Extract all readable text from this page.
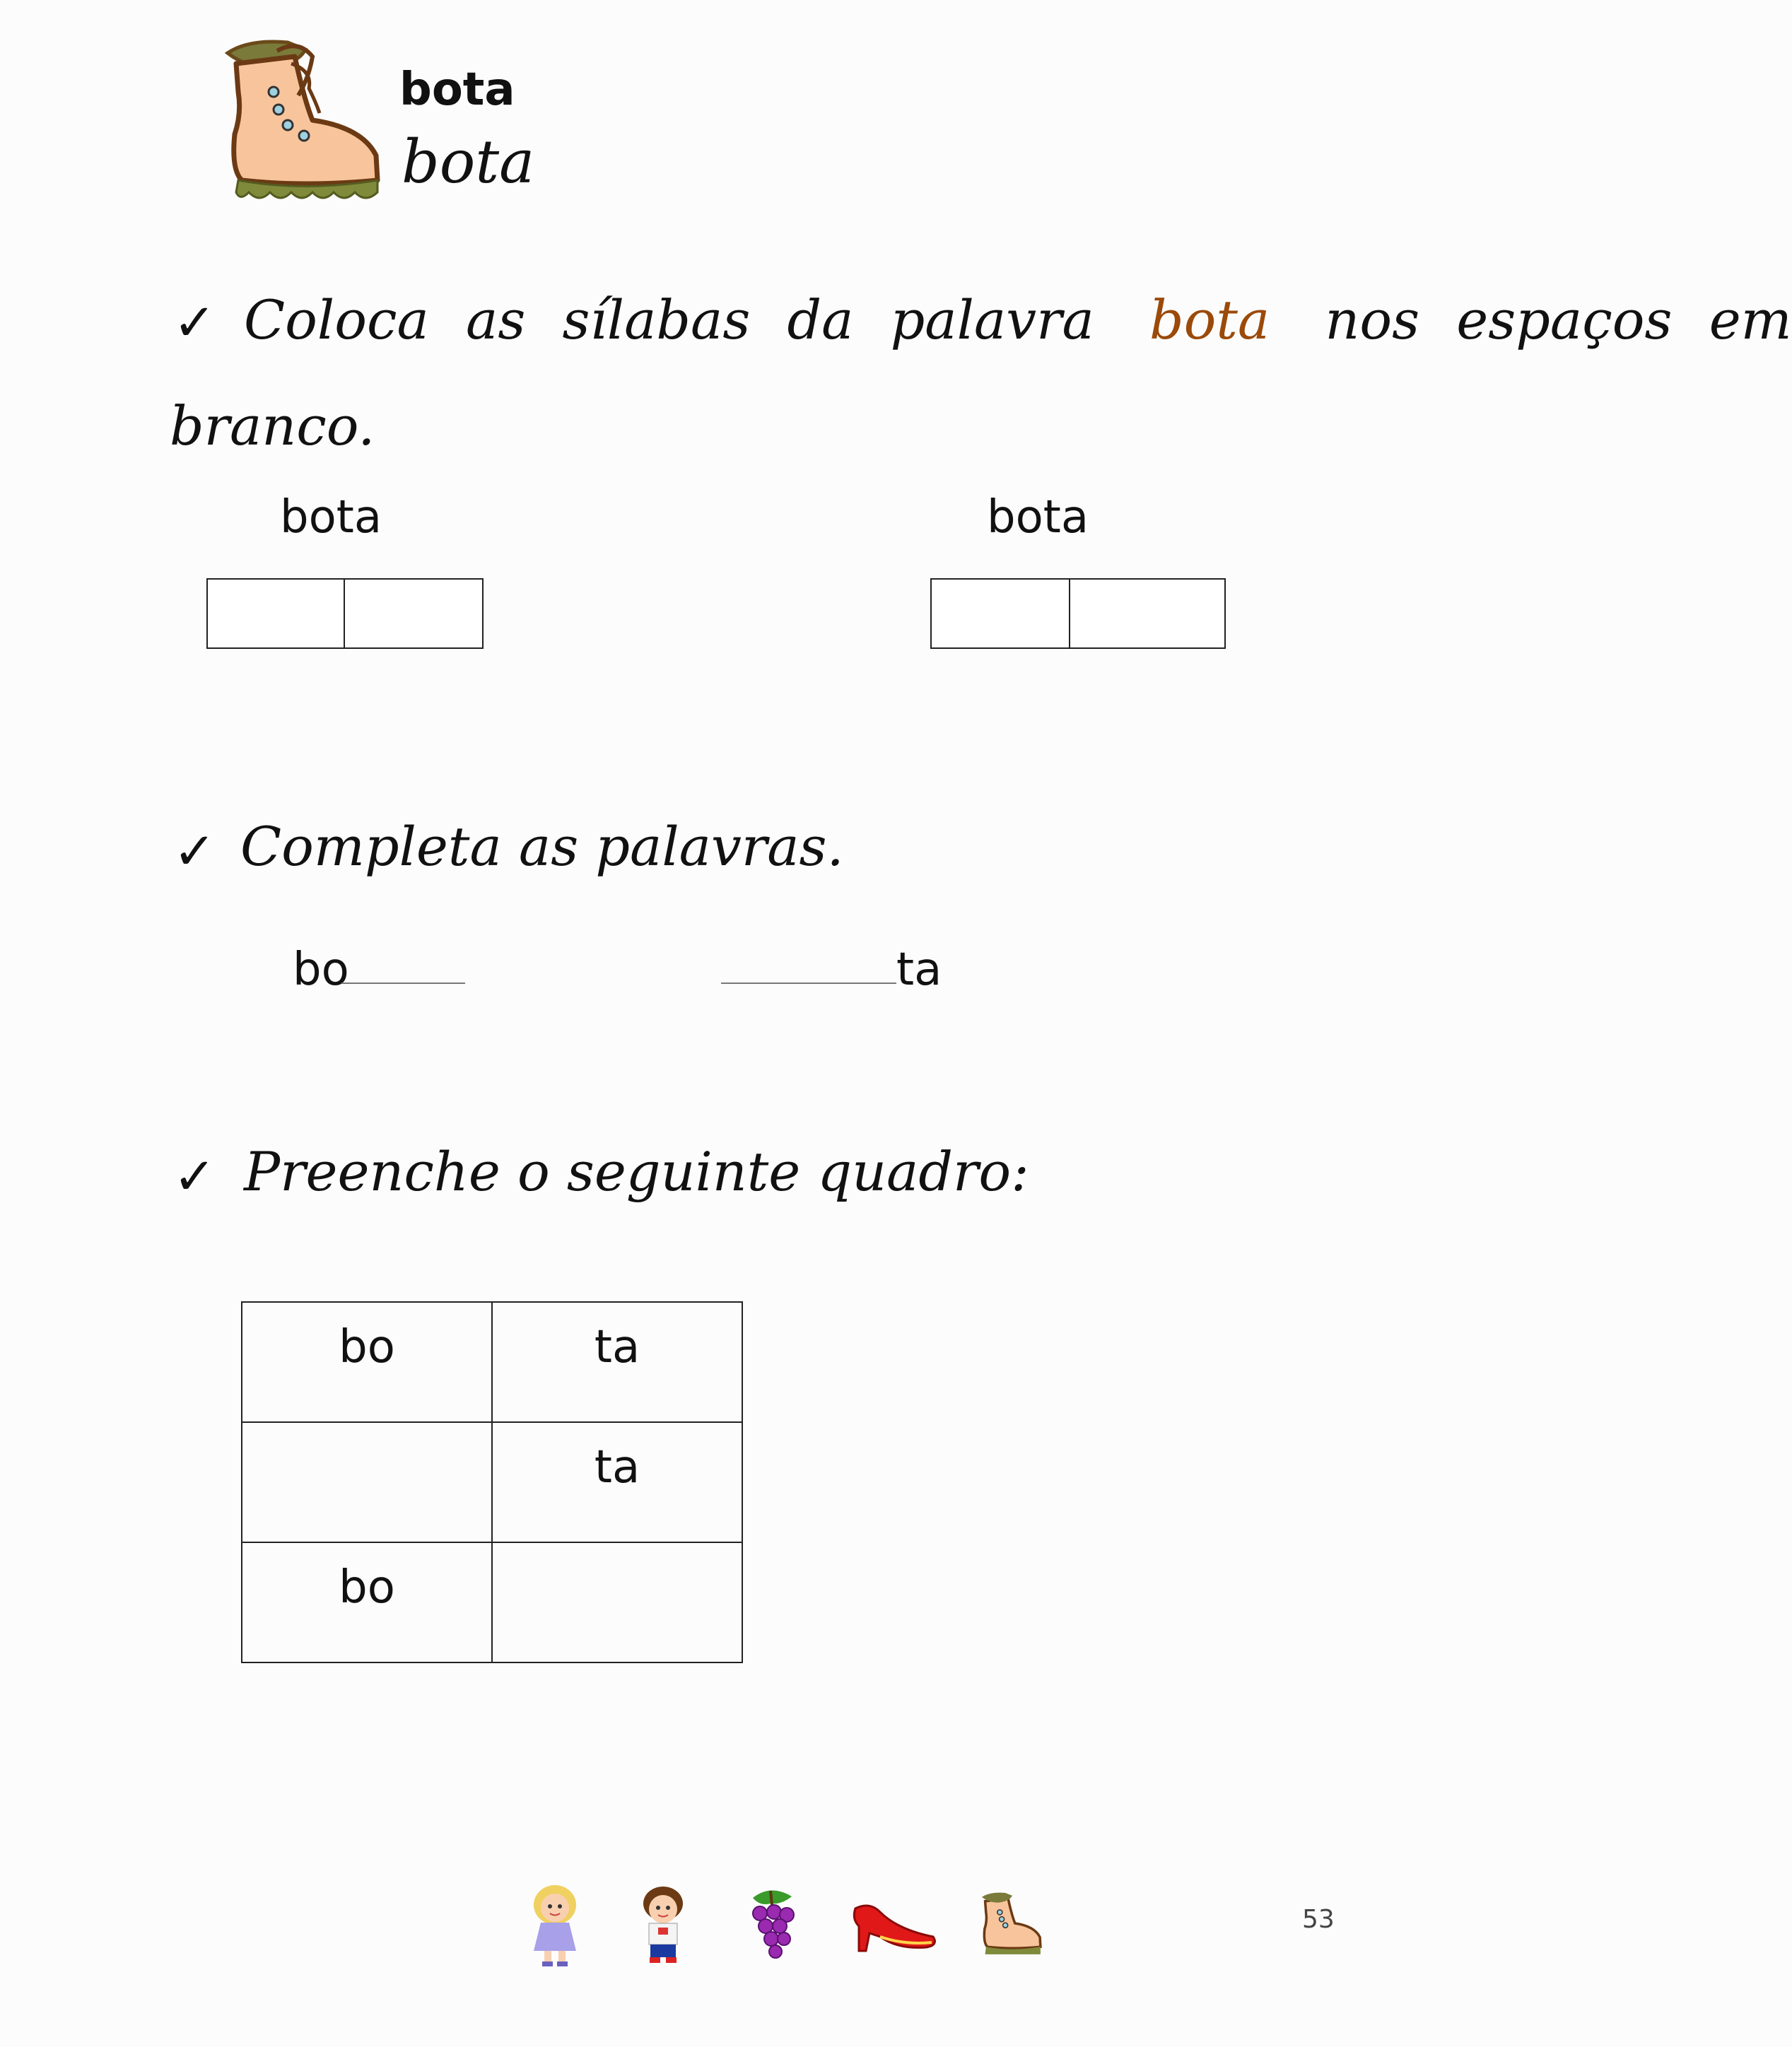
bota
bota
✓ Coloca as sílabas da palavra bota nos espaços em
branco.
bota	bota
✓ Completa as palavras.
bo	ta
✓ Preenche o seguinte quadro:
bo	ta

	ta

bo	

53
